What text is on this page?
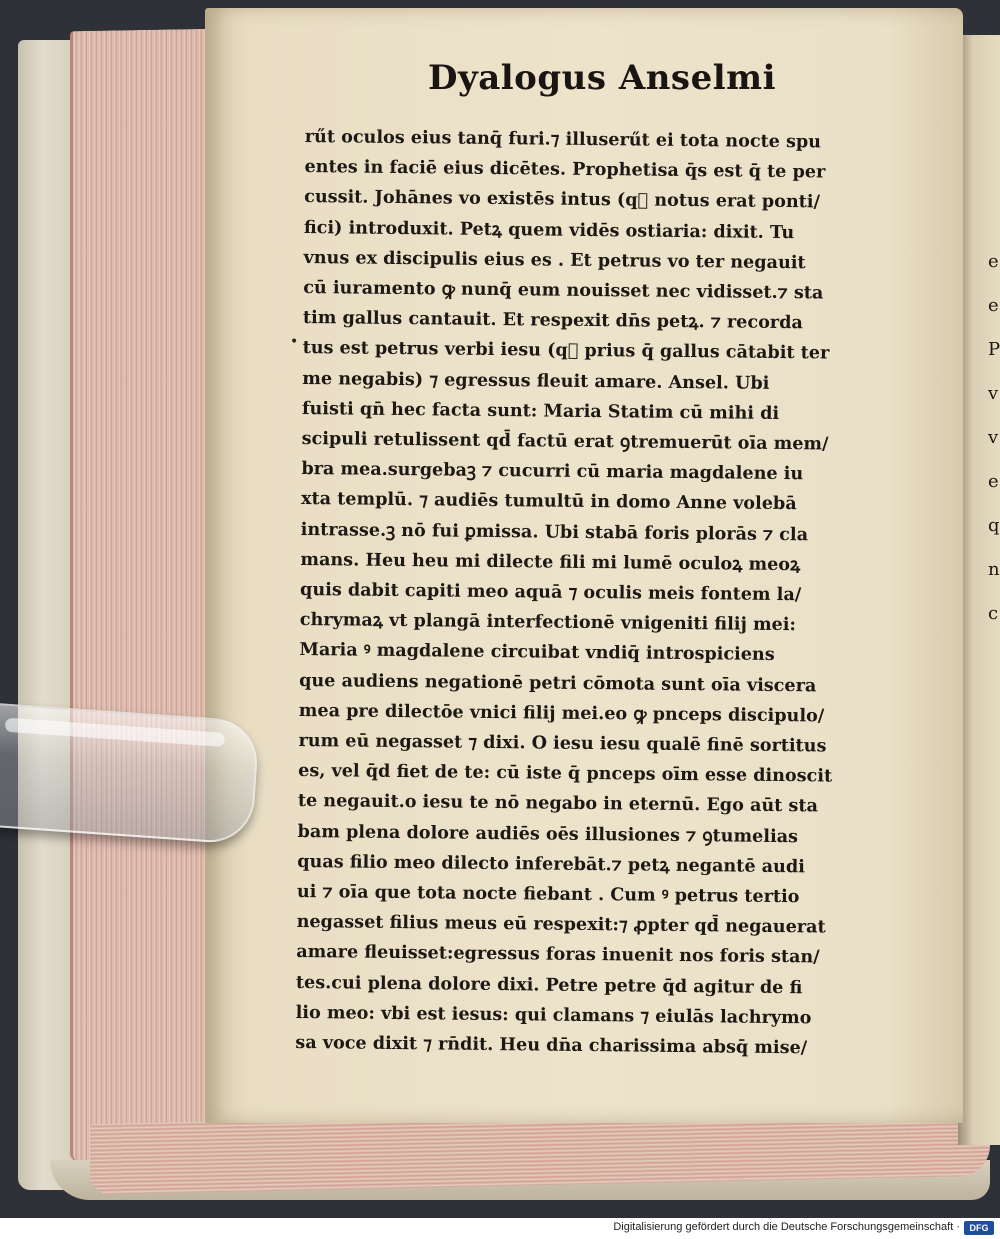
e
e
P
v
v
e
q
n
c
Dyalogus Anselmi
•
rűt oculos eius tanq̄ furi.⁊ illuserűt ei tota nocte spu
entes in faciē eius dicētes. Prophetisa q̄s est q̄ te per
cussit. Johānes vo existēs intus (q᷑ notus erat ponti/
fici) introduxit. Petꝝ quem vidēs ostiaria: dixit. Tu
vnus ex discipulis eius es . Et petrus vo ter negauit
cū iuramento ꝙ nunq̄ eum nouisset nec vidisset.⁊ sta
tim gallus cantauit. Et respexit dn̄s petꝝ. ⁊ recorda
tus est petrus verbi iesu (q᷑ prius q̄ gallus cātabit ter
me negabis) ⁊ egressus fleuit amare. Ansel. Ubi
fuisti qn̄ hec facta sunt: Maria Statim cū mihi di
scipuli retulissent qd̄ factū erat ꝯtremuerūt oīa mem/
bra mea.surgebaꝫ ⁊ cucurri cū maria magdalene iu
xta templū. ⁊ audiēs tumultū in domo Anne volebā
intrasse.ꝫ nō fui ꝑmissa. Ubi stabā foris plorās ⁊ cla
mans. Heu heu mi dilecte fili mi lumē oculoꝝ meoꝝ
quis dabit capiti meo aquā ⁊ oculis meis fontem la/
chrymaꝝ vt plangā interfectionē vnigeniti filij mei:
Maria ꝰ magdalene circuibat vndiq̄ introspiciens
que audiens negationē petri cōmota sunt oīa viscera
mea pre dilectōe vnici filij mei.eo ꝙ pnceps discipulo/
rum eū negasset ⁊ dixi. O iesu iesu qualē finē sortitus
es, vel q̄d fiet de te: cū iste q̄ pnceps oīm esse dinoscit
te negauit.o iesu te nō negabo in eternū. Ego aūt sta
bam plena dolore audiēs oēs illusiones ⁊ ꝯtumelias
quas filio meo dilecto inferebāt.⁊ petꝝ negantē audi
ui ⁊ oīa que tota nocte fiebant . Cum ꝰ petrus tertio
negasset filius meus eū respexit:⁊ ꝓpter qd̄ negauerat
amare fleuisset:egressus foras inuenit nos foris stan/
tes.cui plena dolore dixi. Petre petre q̄d agitur de fi
lio meo: vbi est iesus: qui clamans ⁊ eiulās lachrymo
sa voce dixit ⁊ rn̄dit. Heu dn̄a charissima absq̄ mise/
Digitalisierung gefördert durch die Deutsche Forschungsgemeinschaft ·	DFG
